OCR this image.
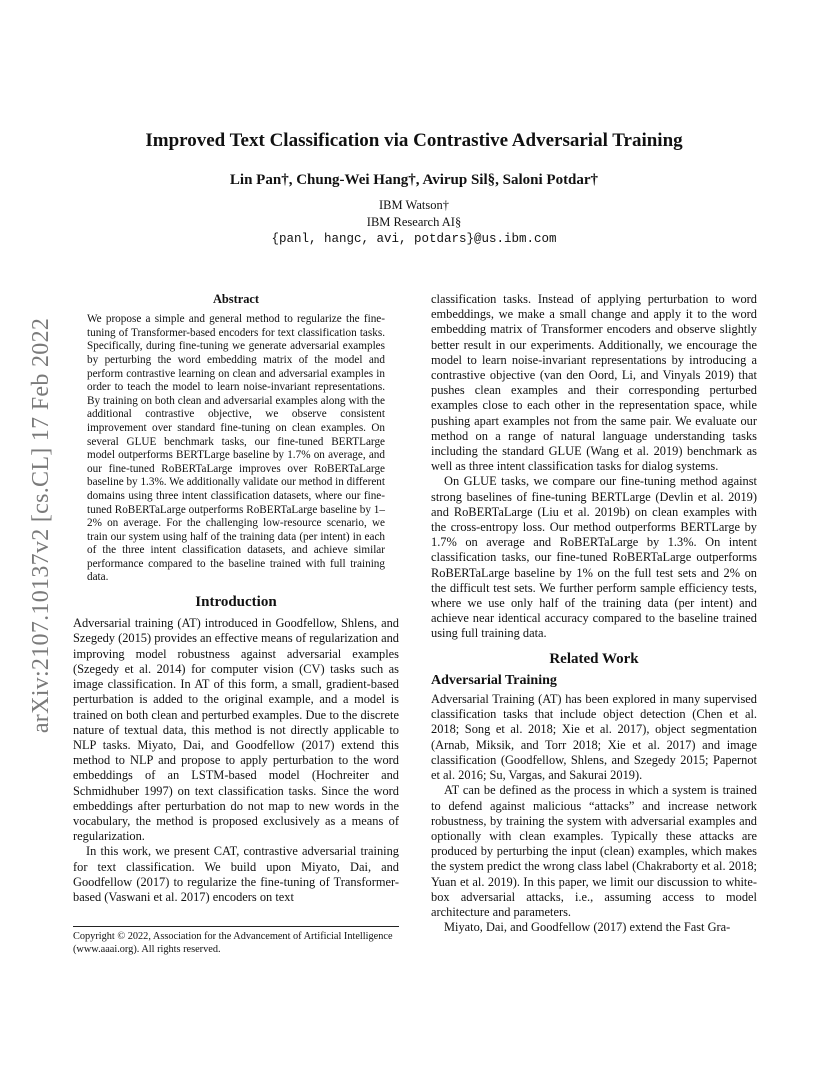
arXiv:2107.10137v2 [cs.CL] 17 Feb 2022
Improved Text Classification via Contrastive Adversarial Training
Lin Pan†, Chung-Wei Hang†, Avirup Sil§, Saloni Potdar†
IBM Watson†
IBM Research AI§
{panl, hangc, avi, potdars}@us.ibm.com
Abstract

We propose a simple and general method to regularize the fine-tuning of Transformer-based encoders for text classification tasks. Specifically, during fine-tuning we generate adversarial examples by perturbing the word embedding matrix of the model and perform contrastive learning on clean and adversarial examples in order to teach the model to learn noise-invariant representations. By training on both clean and adversarial examples along with the additional contrastive objective, we observe consistent improvement over standard fine-tuning on clean examples. On several GLUE benchmark tasks, our fine-tuned BERTLarge model outperforms BERTLarge baseline by 1.7% on average, and our fine-tuned RoBERTaLarge improves over RoBERTaLarge baseline by 1.3%. We additionally validate our method in different domains using three intent classification datasets, where our fine-tuned RoBERTaLarge outperforms RoBERTaLarge baseline by 1–2% on average. For the challenging low-resource scenario, we train our system using half of the training data (per intent) in each of the three intent classification datasets, and achieve similar performance compared to the baseline trained with full training data.

Introduction

Adversarial training (AT) introduced in Goodfellow, Shlens, and Szegedy (2015) provides an effective means of regularization and improving model robustness against adversarial examples (Szegedy et al. 2014) for computer vision (CV) tasks such as image classification. In AT of this form, a small, gradient-based perturbation is added to the original example, and a model is trained on both clean and perturbed examples. Due to the discrete nature of textual data, this method is not directly applicable to NLP tasks. Miyato, Dai, and Goodfellow (2017) extend this method to NLP and propose to apply perturbation to the word embeddings of an LSTM-based model (Hochreiter and Schmidhuber 1997) on text classification tasks. Since the word embeddings after perturbation do not map to new words in the vocabulary, the method is proposed exclusively as a means of regularization.

In this work, we present CAT, contrastive adversarial training for text classification. We build upon Miyato, Dai, and Goodfellow (2017) to regularize the fine-tuning of Transformer-based (Vaswani et al. 2017) encoders on text

classification tasks. Instead of applying perturbation to word embeddings, we make a small change and apply it to the word embedding matrix of Transformer encoders and observe slightly better result in our experiments. Additionally, we encourage the model to learn noise-invariant representations by introducing a contrastive objective (van den Oord, Li, and Vinyals 2019) that pushes clean examples and their corresponding perturbed examples close to each other in the representation space, while pushing apart examples not from the same pair. We evaluate our method on a range of natural language understanding tasks including the standard GLUE (Wang et al. 2019) benchmark as well as three intent classification tasks for dialog systems.

On GLUE tasks, we compare our fine-tuning method against strong baselines of fine-tuning BERTLarge (Devlin et al. 2019) and RoBERTaLarge (Liu et al. 2019b) on clean examples with the cross-entropy loss. Our method outperforms BERTLarge by 1.7% on average and RoBERTaLarge by 1.3%. On intent classification tasks, our fine-tuned RoBERTaLarge outperforms RoBERTaLarge baseline by 1% on the full test sets and 2% on the difficult test sets. We further perform sample efficiency tests, where we use only half of the training data (per intent) and achieve near identical accuracy compared to the baseline trained using full training data.

Related Work
Adversarial Training

Adversarial Training (AT) has been explored in many supervised classification tasks that include object detection (Chen et al. 2018; Song et al. 2018; Xie et al. 2017), object segmentation (Arnab, Miksik, and Torr 2018; Xie et al. 2017) and image classification (Goodfellow, Shlens, and Szegedy 2015; Papernot et al. 2016; Su, Vargas, and Sakurai 2019).

AT can be defined as the process in which a system is trained to defend against malicious “attacks” and increase network robustness, by training the system with adversarial examples and optionally with clean examples. Typically these attacks are produced by perturbing the input (clean) examples, which makes the system predict the wrong class label (Chakraborty et al. 2018; Yuan et al. 2019). In this paper, we limit our discussion to white-box adversarial attacks, i.e., assuming access to model architecture and parameters.

Miyato, Dai, and Goodfellow (2017) extend the Fast Gra-

Copyright © 2022, Association for the Advancement of Artificial Intelligence (www.aaai.org). All rights reserved.
